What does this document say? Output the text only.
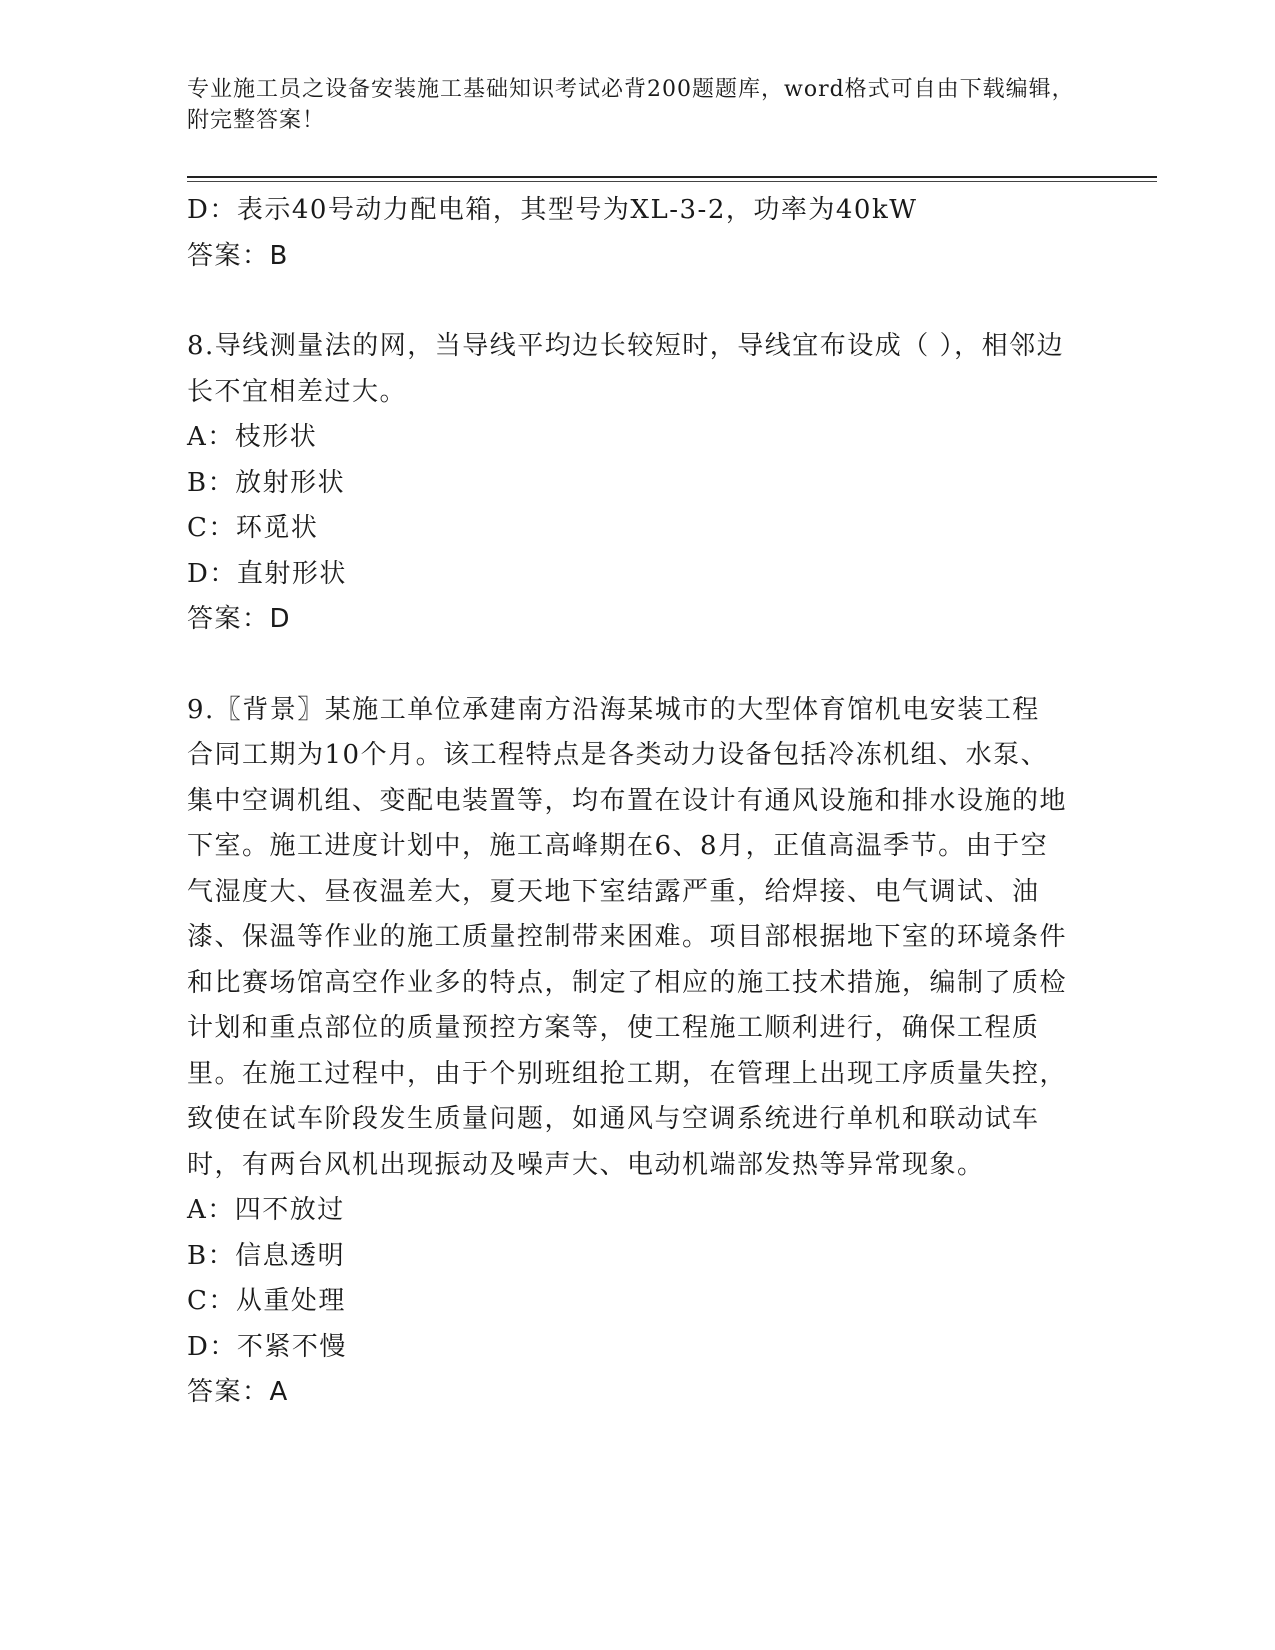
专业施工员之设备安装施工基础知识考试必背200题题库，word格式可自由下载编辑，附完整答案！
D：表示40号动力配电箱，其型号为XL-3-2，功率为40kW
答案：B
8.导线测量法的网，当导线平均边长较短时，导线宜布设成（ ），相邻边长不宜相差过大。
A：枝形状
B：放射形状
C：环觅状
D：直射形状
答案：D
9.〖背景〗某施工单位承建南方沿海某城市的大型体育馆机电安装工程合同工期为10个月。该工程特点是各类动力设备包括冷冻机组、水泵、集中空调机组、变配电装置等，均布置在设计有通风设施和排水设施的地下室。施工进度计划中，施工高峰期在6、8月，正值高温季节。由于空气湿度大、昼夜温差大，夏天地下室结露严重，给焊接、电气调试、油漆、保温等作业的施工质量控制带来困难。项目部根据地下室的环境条件和比赛场馆高空作业多的特点，制定了相应的施工技术措施，编制了质检计划和重点部位的质量预控方案等，使工程施工顺利进行，确保工程质里。在施工过程中，由于个别班组抢工期，在管理上出现工序质量失控，致使在试车阶段发生质量问题，如通风与空调系统进行单机和联动试车时，有两台风机出现振动及噪声大、电动机端部发热等异常现象。
A：四不放过
B：信息透明
C：从重处理
D：不紧不慢
答案：A
